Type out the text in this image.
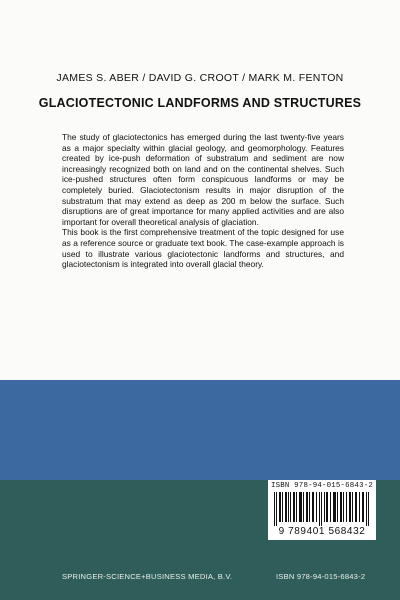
JAMES S. ABER / DAVID G. CROOT / MARK M. FENTON
GLACIOTECTONIC LANDFORMS AND STRUCTURES

The study of glaciotectonics has emerged during the last twenty-five years as a major specialty within glacial geology, and geomorphology. Features created by ice-push deformation of substratum and sediment are now increasingly recognized both on land and on the continental shelves. Such ice-pushed structures often form conspicuous landforms or may be completely buried. Glaciotectonism results in major disruption of the substratum that may extend as deep as 200 m below the surface. Such disruptions are of great importance for many applied activities and are also important for overall theoretical analysis of glaciation.

This book is the first comprehensive treatment of the topic designed for use as a reference source or graduate text book. The case-example approach is used to illustrate various glaciotectonic landforms and structures, and glaciotectonism is integrated into overall glacial theory.

ISBN 978-94-015-6843-2
9 789401 568432
SPRINGER-SCIENCE+BUSINESS MEDIA, B.V.	ISBN 978-94-015-6843-2
